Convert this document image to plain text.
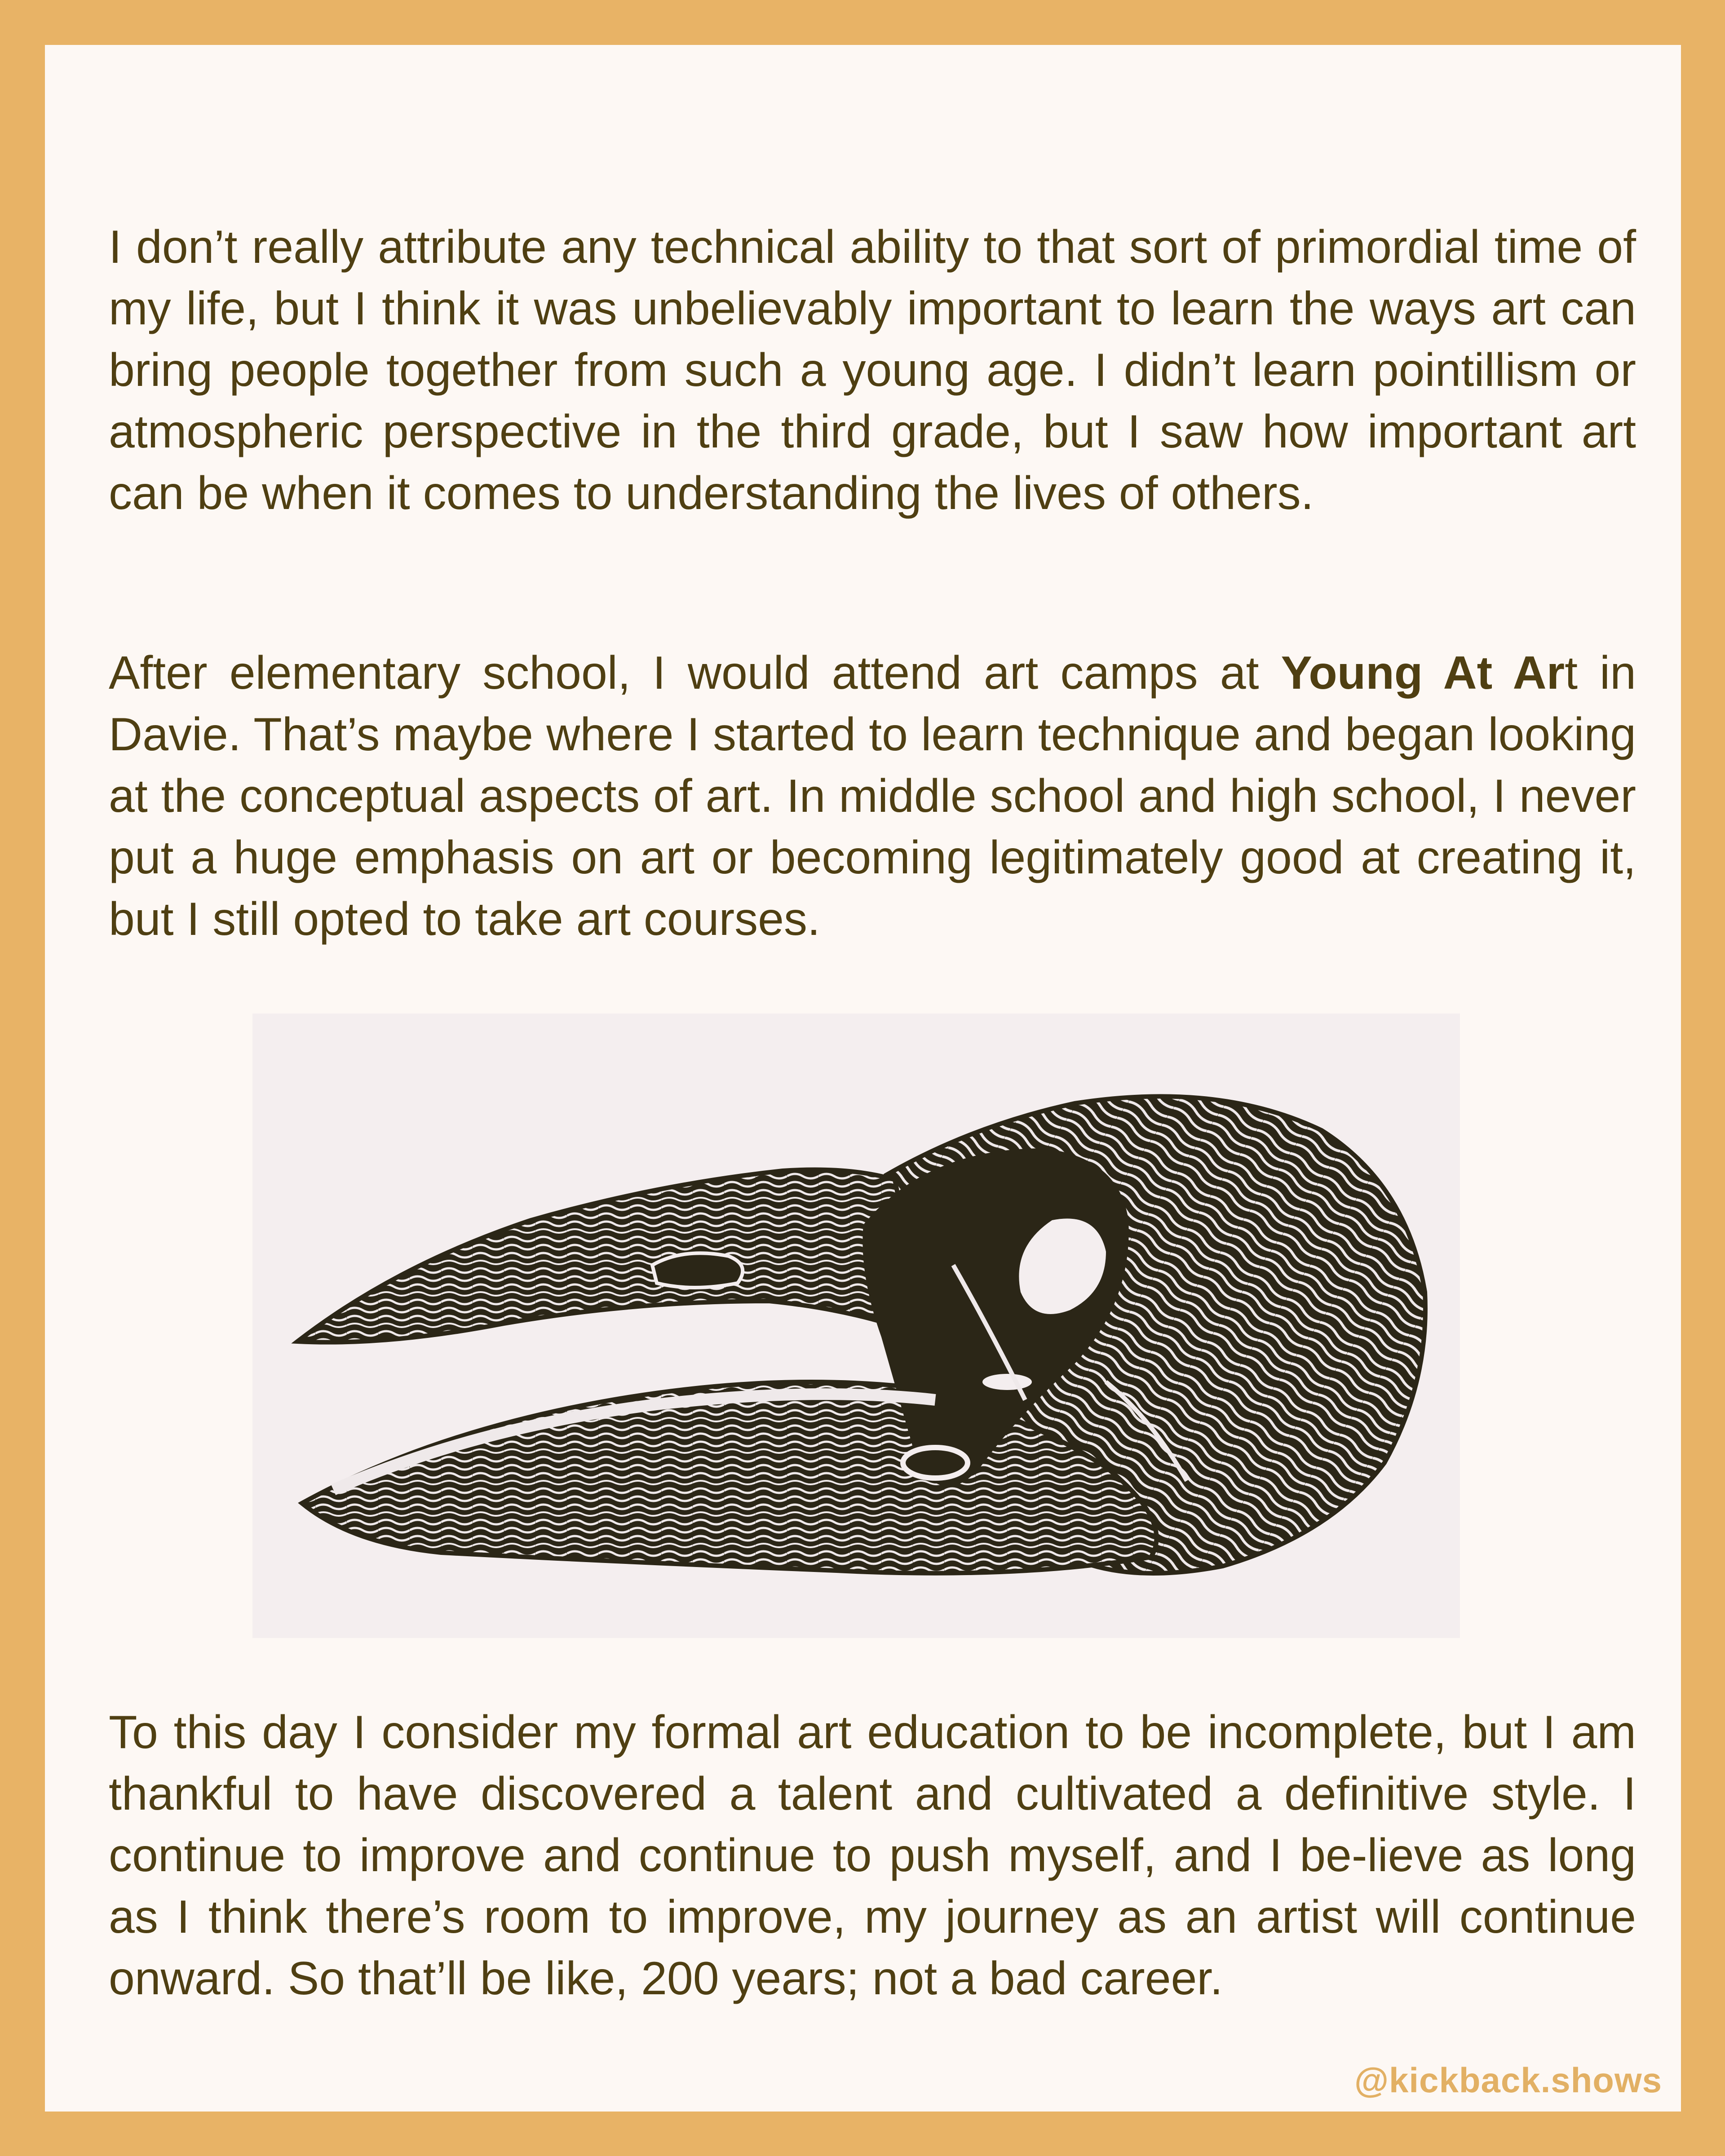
I don’t really attribute any technical ability to that sort of primordial time of my life, but I think it was unbelievably important to learn the ways art can bring people together from such a young age. I didn’t learn pointillism or atmospheric perspective in the third grade, but I saw how important art can be when it comes to understanding the lives of others.

After elementary school, I would attend art camps at Young At Art in Davie. That’s maybe where I started to learn technique and began looking at the conceptual aspects of art. In middle school and high school, I never put a huge emphasis on art or becoming legitimately good at creating it, but I still opted to take art courses.

To this day I consider my formal art education to be incomplete, but I am thankful to have discovered a talent and cultivated a definitive style. I continue to improve and continue to push myself, and I be-lieve as long as I think there’s room to improve, my journey as an artist will continue onward. So that’ll be like, 200 years; not a bad career.

@kickback.shows
